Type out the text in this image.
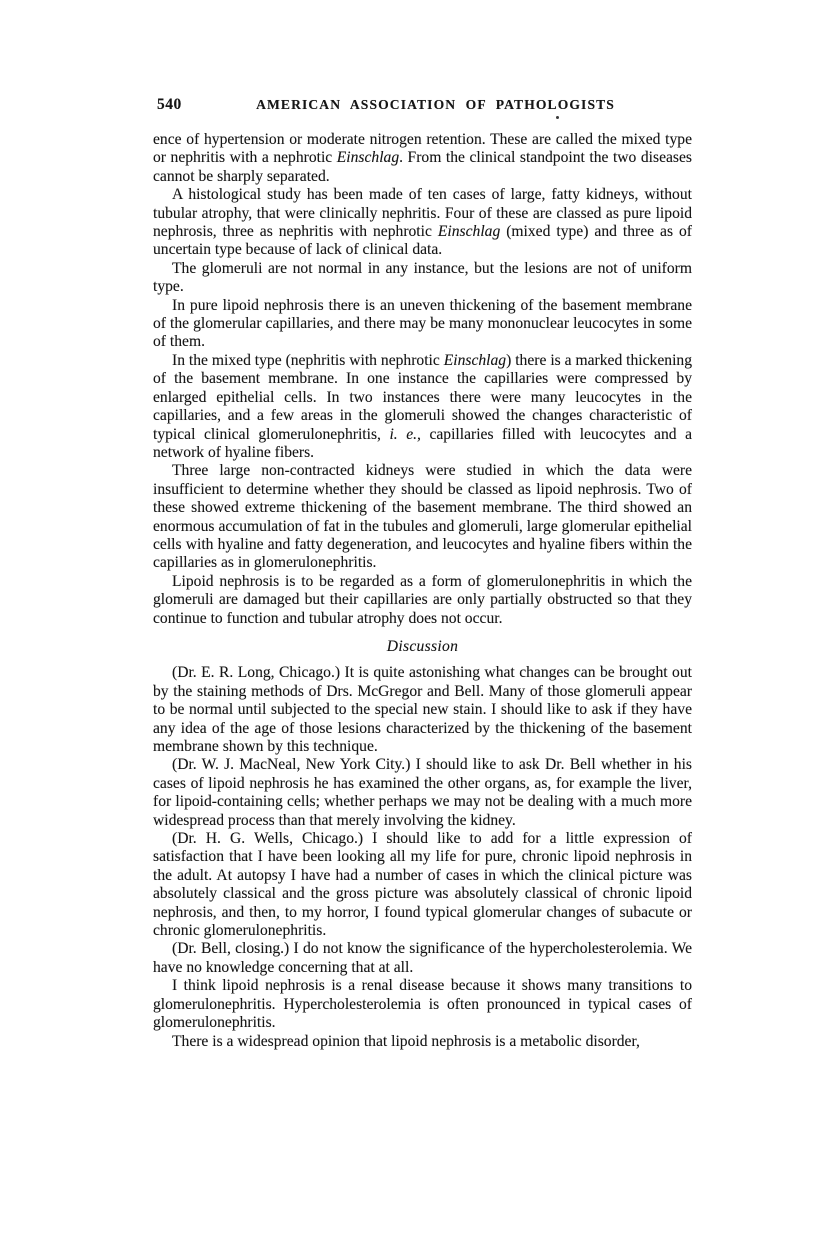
540	AMERICAN ASSOCIATION OF PATHOLOGISTS

ence of hypertension or moderate nitrogen retention. These are called the mixed type or nephritis with a nephrotic Einschlag. From the clinical standpoint the two diseases cannot be sharply separated.

A histological study has been made of ten cases of large, fatty kidneys, without tubular atrophy, that were clinically nephritis. Four of these are classed as pure lipoid nephrosis, three as nephritis with nephrotic Einschlag (mixed type) and three as of uncertain type because of lack of clinical data.

The glomeruli are not normal in any instance, but the lesions are not of uniform type.

In pure lipoid nephrosis there is an uneven thickening of the basement membrane of the glomerular capillaries, and there may be many mononuclear leucocytes in some of them.

In the mixed type (nephritis with nephrotic Einschlag) there is a marked thickening of the basement membrane. In one instance the capillaries were compressed by enlarged epithelial cells. In two instances there were many leucocytes in the capillaries, and a few areas in the glomeruli showed the changes characteristic of typical clinical glomerulonephritis, i. e., capillaries filled with leucocytes and a network of hyaline fibers.

Three large non-contracted kidneys were studied in which the data were insufficient to determine whether they should be classed as lipoid nephrosis. Two of these showed extreme thickening of the basement membrane. The third showed an enormous accumulation of fat in the tubules and glomeruli, large glomerular epithelial cells with hyaline and fatty degeneration, and leucocytes and hyaline fibers within the capillaries as in glomerulonephritis.

Lipoid nephrosis is to be regarded as a form of glomerulonephritis in which the glomeruli are damaged but their capillaries are only partially obstructed so that they continue to function and tubular atrophy does not occur.

Discussion

(Dr. E. R. Long, Chicago.) It is quite astonishing what changes can be brought out by the staining methods of Drs. McGregor and Bell. Many of those glomeruli appear to be normal until subjected to the special new stain. I should like to ask if they have any idea of the age of those lesions characterized by the thickening of the basement membrane shown by this technique.

(Dr. W. J. MacNeal, New York City.) I should like to ask Dr. Bell whether in his cases of lipoid nephrosis he has examined the other organs, as, for example the liver, for lipoid-containing cells; whether perhaps we may not be dealing with a much more widespread process than that merely involving the kidney.

(Dr. H. G. Wells, Chicago.) I should like to add for a little expression of satisfaction that I have been looking all my life for pure, chronic lipoid nephrosis in the adult. At autopsy I have had a number of cases in which the clinical picture was absolutely classical and the gross picture was absolutely classical of chronic lipoid nephrosis, and then, to my horror, I found typical glomerular changes of subacute or chronic glomerulonephritis.

(Dr. Bell, closing.) I do not know the significance of the hypercholesterolemia. We have no knowledge concerning that at all.

I think lipoid nephrosis is a renal disease because it shows many transitions to glomerulonephritis. Hypercholesterolemia is often pronounced in typical cases of glomerulonephritis.

There is a widespread opinion that lipoid nephrosis is a metabolic disorder,
